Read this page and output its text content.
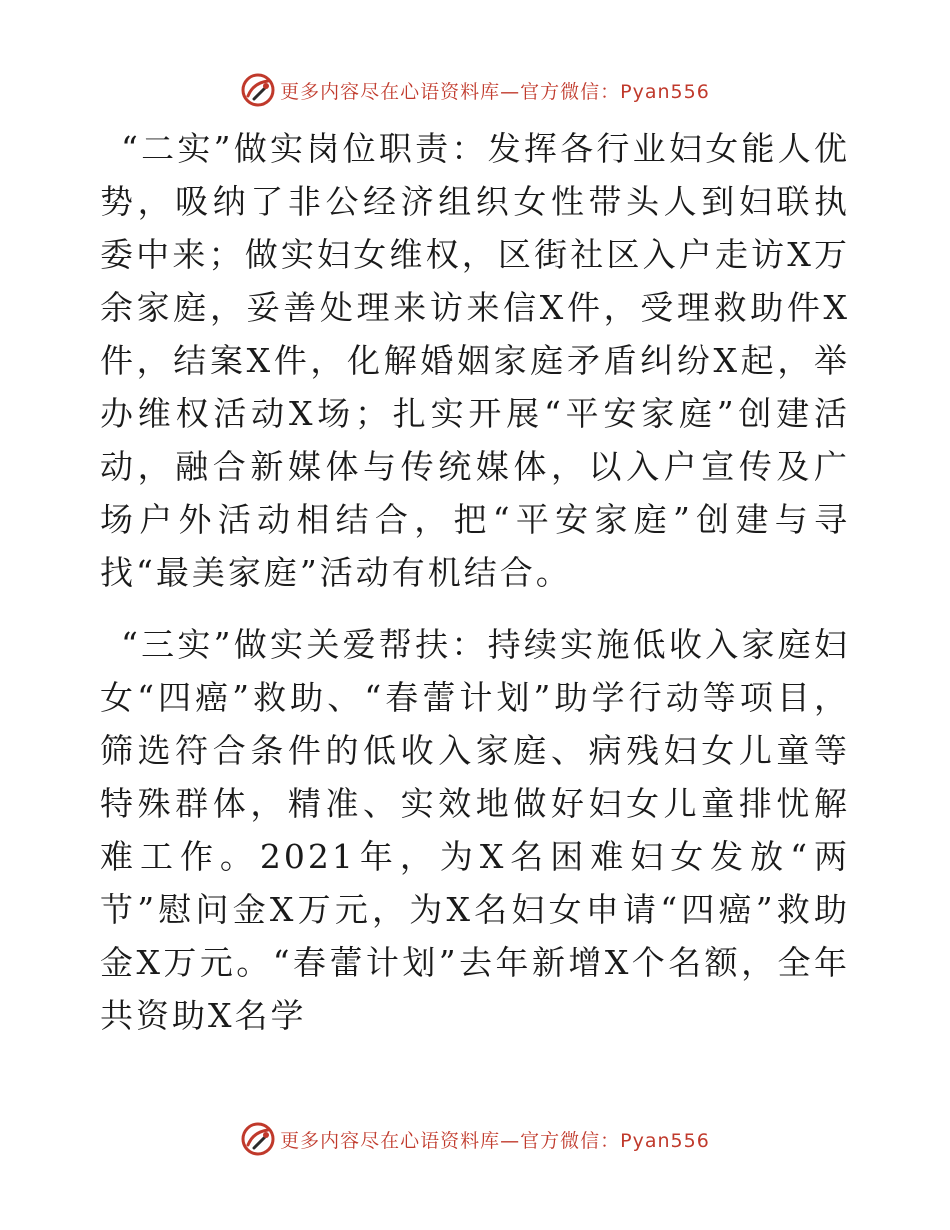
更多内容尽在心语资料库—官方微信：Pyan556

“二实”做实岗位职责：发挥各行业妇女能人优势，吸纳了非公经济组织女性带头人到妇联执委中来；做实妇女维权，区街社区入户走访X万余家庭，妥善处理来访来信X件，受理救助件X件，结案X件，化解婚姻家庭矛盾纠纷X起，举办维权活动X场；扎实开展“平安家庭”创建活动，融合新媒体与传统媒体，以入户宣传及广场户外活动相结合，把“平安家庭”创建与寻找“最美家庭”活动有机结合。

“三实”做实关爱帮扶：持续实施低收入家庭妇女“四癌”救助、“春蕾计划”助学行动等项目，筛选符合条件的低收入家庭、病残妇女儿童等特殊群体，精准、实效地做好妇女儿童排忧解难工作。2021年，为X名困难妇女发放“两节”慰问金X万元，为X名妇女申请“四癌”救助金X万元。“春蕾计划”去年新增X个名额，全年共资助X名学

更多内容尽在心语资料库—官方微信：Pyan556
